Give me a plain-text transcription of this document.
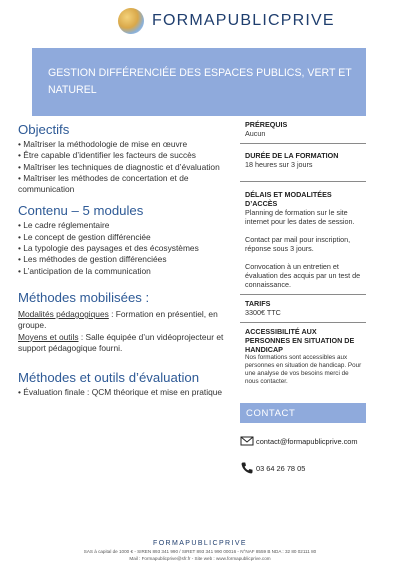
FORMAPUBLICPRIVE
GESTION DIFFÉRENCIÉE DES ESPACES PUBLICS, VERT ET NATUREL
Objectifs
• Maîtriser la méthodologie de mise en œuvre
• Être capable d’identifier les facteurs de succès
• Maîtriser les techniques de diagnostic et d’évaluation
• Maîtriser les méthodes de concertation et de communication
Contenu – 5 modules
• Le cadre réglementaire
• Le concept de gestion différenciée
• La typologie des paysages et des écosystèmes
• Les méthodes de gestion différenciées
• L’anticipation de la communication
Méthodes mobilisées :

Modalités pédagogiques : Formation en présentiel, en groupe.

Moyens et outils : Salle équipée d’un vidéoprojecteur et support pédagogique fourni.

Méthodes et outils d’évaluation
• Évaluation finale : QCM théorique et mise en pratique
PRÉREQUIS

Aucun

DURÉE DE LA FORMATION

18 heures sur 3 jours

DÉLAIS ET MODALITÉES D’ACCÈS

Planning de formation sur le site internet pour les dates de session.

Contact par mail pour inscription, réponse sous 3 jours.

Convocation à un entretien et évaluation des acquis par un test de connaissance.

TARIFS

3300€ TTC

ACCESSIBILITÉ AUX PERSONNES EN SITUATION DE HANDICAP

Nos formations sont accessibles aux personnes en situation de handicap. Pour une analyse de vos besoins merci de nous contacter.

CONTACT
contact@formapublicprive.com
03 64 26 78 05
FORMAPUBLICPRIVE
SAS à capital de 1000 € - SIREN 893 341 990 / SIRET 893 341 990 00016 - N°NAF 8559 B NDA : 32 80 02111 80
Mail : Formapublicprive@sfr.fr - Site web : www.formapublicprive.com
